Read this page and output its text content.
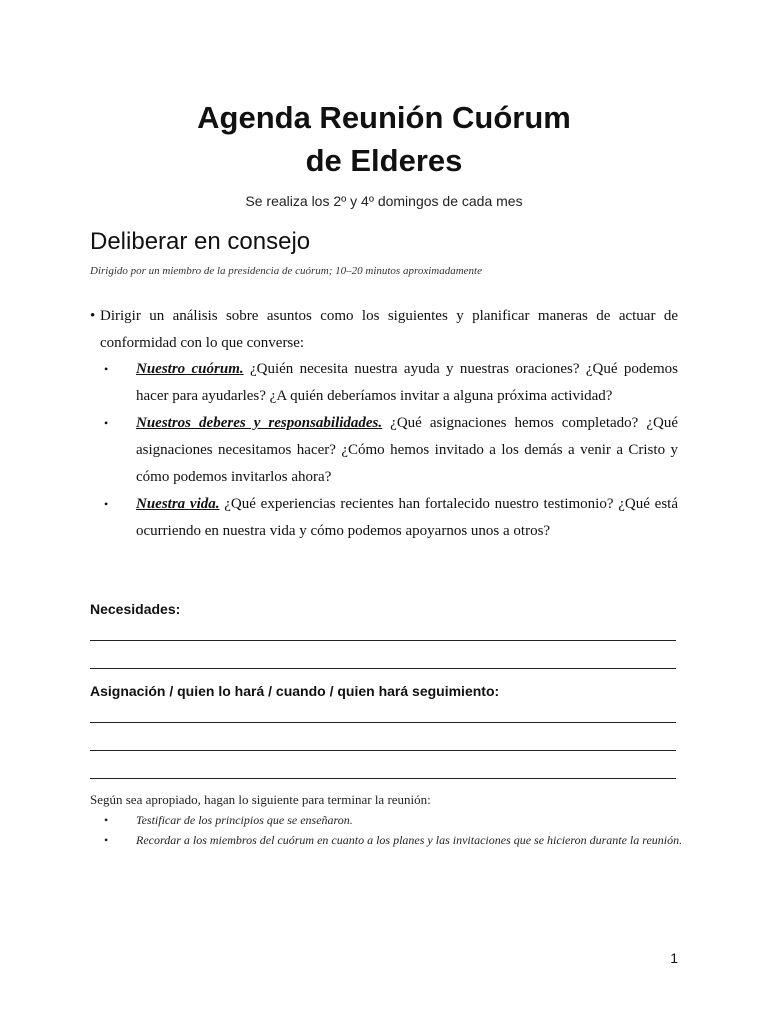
Agenda Reunión Cuórum
de Elderes
Se realiza los 2º y 4º domingos de cada mes
Deliberar en consejo
Dirigido por un miembro de la presidencia de cuórum; 10–20 minutos aproximadamente
• Dirigir un análisis sobre asuntos como los siguientes y planificar maneras de actuar de conformidad con lo que converse:
• Nuestro cuórum. ¿Quién necesita nuestra ayuda y nuestras oraciones? ¿Qué podemos hacer para ayudarles? ¿A quién deberíamos invitar a alguna próxima actividad?
• Nuestros deberes y responsabilidades. ¿Qué asignaciones hemos completado? ¿Qué asignaciones necesitamos hacer? ¿Cómo hemos invitado a los demás a venir a Cristo y cómo podemos invitarlos ahora?
• Nuestra vida. ¿Qué experiencias recientes han fortalecido nuestro testimonio? ¿Qué está ocurriendo en nuestra vida y cómo podemos apoyarnos unos a otros?
Necesidades:
Asignación / quien lo hará / cuando / quien hará seguimiento:
Según sea apropiado, hagan lo siguiente para terminar la reunión:
• Testificar de los principios que se enseñaron.
• Recordar a los miembros del cuórum en cuanto a los planes y las invitaciones que se hicieron durante la reunión.
1
